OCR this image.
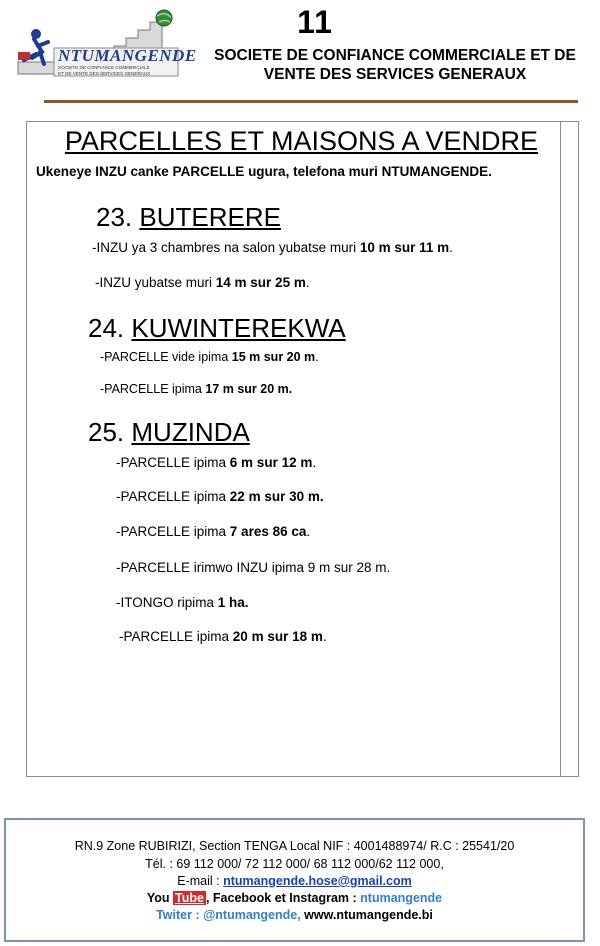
NTUMANGENDE
SOCIETE DE CONFIANCE COMMERCIALE
ET DE VENTE DES SERVICES GENERAUX
11
SOCIETE DE CONFIANCE COMMERCIALE ET DE
VENTE DES SERVICES GENERAUX
PARCELLES ET MAISONS A VENDRE
Ukeneye INZU canke PARCELLE ugura, telefona muri NTUMANGENDE.
23. BUTERERE
-INZU ya 3 chambres na salon yubatse muri 10 m sur 11 m.
-INZU yubatse muri 14 m sur 25 m.
24. KUWINTEREKWA
-PARCELLE vide ipima 15 m sur 20 m.
-PARCELLE ipima 17 m sur 20 m.
25. MUZINDA
-PARCELLE ipima 6 m sur 12 m.
-PARCELLE ipima 22 m sur 30 m.
-PARCELLE ipima 7 ares 86 ca.
-PARCELLE irimwo INZU ipima 9 m sur 28 m.
-ITONGO ripima 1 ha.
-PARCELLE ipima 20 m sur 18 m.
RN.9 Zone RUBIRIZI, Section TENGA Local NIF : 4001488974/ R.C : 25541/20
Tél. : 69 112 000/ 72 112 000/ 68 112 000/62 112 000,
E-mail : ntumangende.hose@gmail.com
You Tube , Facebook et Instagram : ntumangende
Twiter : @ntumangende, www.ntumangende.bi
